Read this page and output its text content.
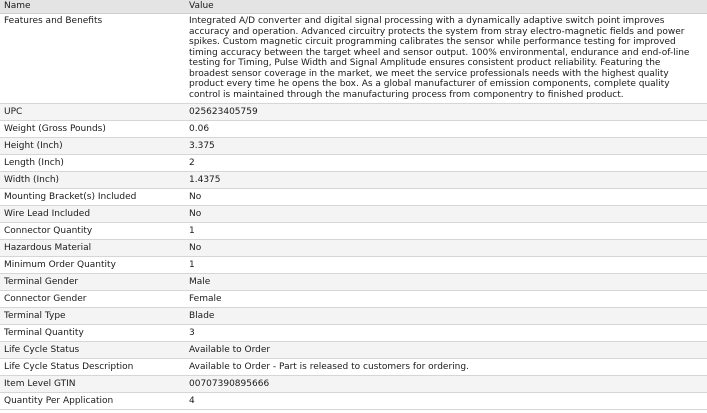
Name	Value
Features and Benefits	Integrated A/D converter and digital signal processing with a dynamically adaptive switch point improves accuracy and operation. Advanced circuitry protects the system from stray electro-magnetic fields and power spikes. Custom magnetic circuit programming calibrates the sensor while performance testing for improved timing accuracy between the target wheel and sensor output. 100% environmental, endurance and end-of-line testing for Timing, Pulse Width and Signal Amplitude ensures consistent product reliability. Featuring the broadest sensor coverage in the market, we meet the service professionals needs with the highest quality product every time he opens the box. As a global manufacturer of emission components, complete quality control is maintained through the manufacturing process from componentry to finished product.
UPC	025623405759
Weight (Gross Pounds)	0.06
Height (Inch)	3.375
Length (Inch)	2
Width (Inch)	1.4375
Mounting Bracket(s) Included	No
Wire Lead Included	No
Connector Quantity	1
Hazardous Material	No
Minimum Order Quantity	1
Terminal Gender	Male
Connector Gender	Female
Terminal Type	Blade
Terminal Quantity	3
Life Cycle Status	Available to Order
Life Cycle Status Description	Available to Order - Part is released to customers for ordering.
Item Level GTIN	00707390895666
Quantity Per Application	4
